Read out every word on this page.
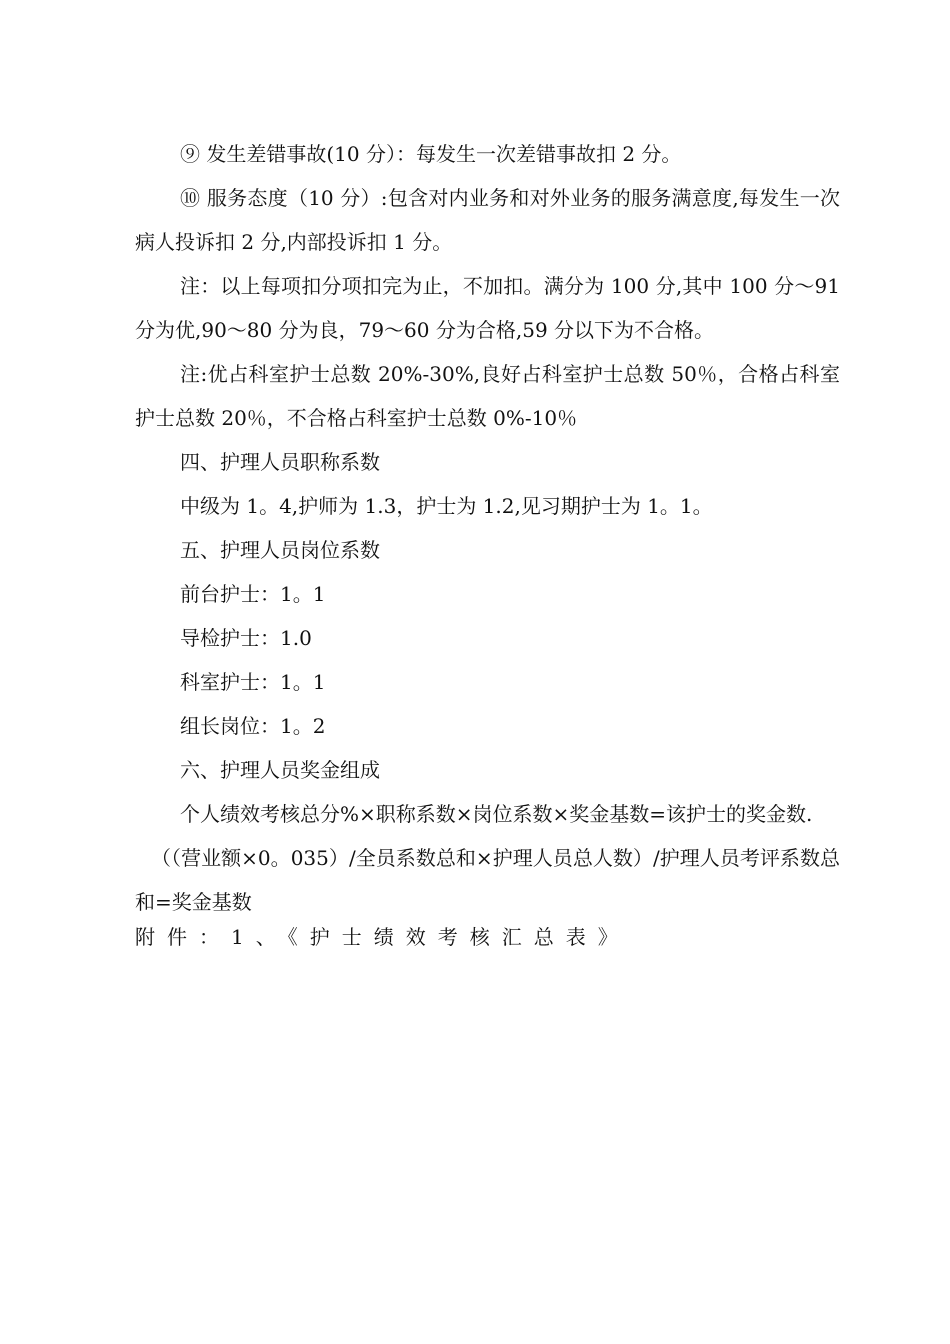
⑨ 发生差错事故(10 分）：每发生一次差错事故扣 2 分。

⑩ 服务态度（10 分）:包含对内业务和对外业务的服务满意度,每发生一次病人投诉扣 2 分,内部投诉扣 1 分。

注：以上每项扣分项扣完为止，不加扣。满分为 100 分,其中 100 分～91 分为优,90～80 分为良，79～60 分为合格,59 分以下为不合格。

注:优占科室护士总数 20%-30%,良好占科室护士总数 50％，合格占科室护士总数 20％，不合格占科室护士总数 0%-10％

四、护理人员职称系数

中级为 1。4,护师为 1.3，护士为 1.2,见习期护士为 1。1。

五、护理人员岗位系数

前台护士：1。1

导检护士：1.0

科室护士：1。1

组长岗位：1。2

六、护理人员奖金组成

个人绩效考核总分%×职称系数×岗位系数×奖金基数=该护士的奖金数.

（（营业额×0。035）/全员系数总和×护理人员总人数）/护理人员考评系数总和=奖金基数

附件：1、《护士绩效考核汇总表》
